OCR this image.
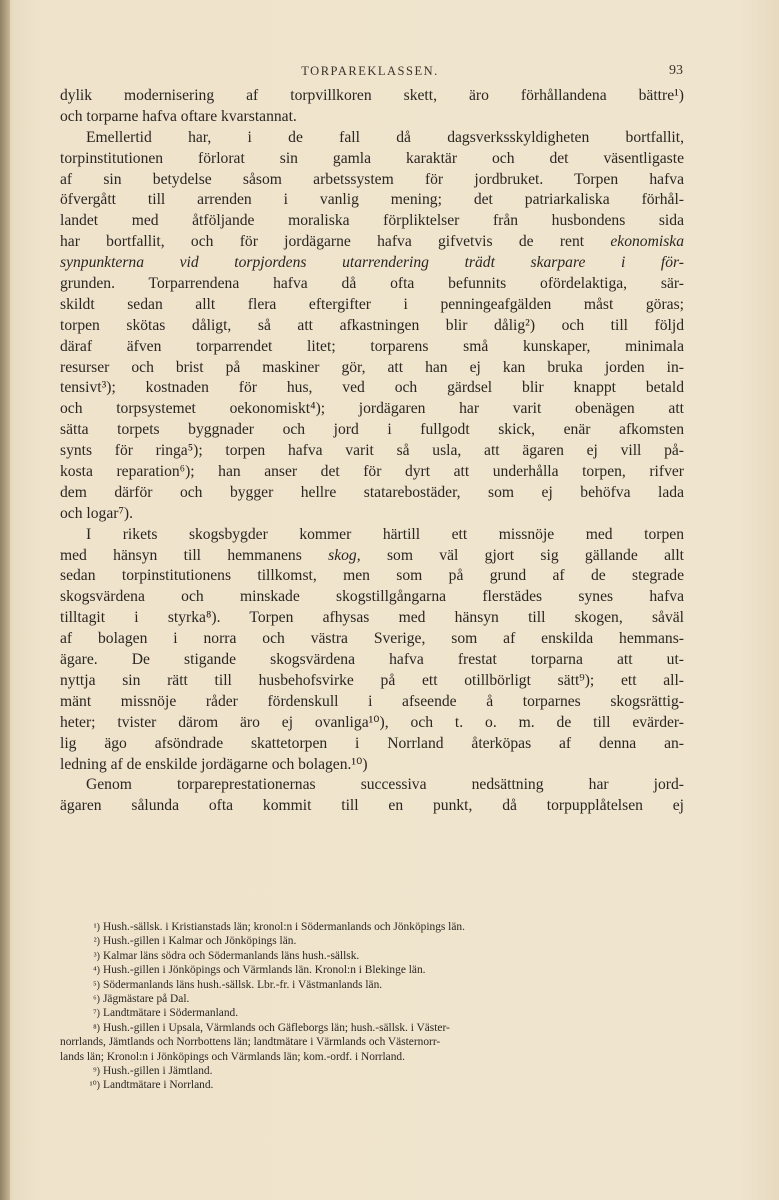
TORPAREKLASSEN.	93
dylik modernisering af torpvillkoren skett, äro förhållandena bättre¹)
och torparne hafva oftare kvarstannat.
Emellertid har, i de fall då dagsverksskyldigheten bortfallit,
torpinstitutionen förlorat sin gamla karaktär och det väsentligaste
af sin betydelse såsom arbetssystem för jordbruket. Torpen hafva
öfvergått till arrenden i vanlig mening; det patriarkaliska förhål-
landet med åtföljande moraliska förpliktelser från husbondens sida
har bortfallit, och för jordägarne hafva gifvetvis de rent ekonomiska
synpunkterna vid torpjordens utarrendering trädt skarpare i för-
grunden. Torparrendena hafva då ofta befunnits ofördelaktiga, sär-
skildt sedan allt flera eftergifter i penningeafgälden måst göras;
torpen skötas dåligt, så att afkastningen blir dålig²) och till följd
däraf äfven torparrendet litet; torparens små kunskaper, minimala
resurser och brist på maskiner gör, att han ej kan bruka jorden in-
tensivt³); kostnaden för hus, ved och gärdsel blir knappt betald
och torpsystemet oekonomiskt⁴); jordägaren har varit obenägen att
sätta torpets byggnader och jord i fullgodt skick, enär afkomsten
synts för ringa⁵); torpen hafva varit så usla, att ägaren ej vill på-
kosta reparation⁶); han anser det för dyrt att underhålla torpen, rifver
dem därför och bygger hellre statarebostäder, som ej behöfva lada
och logar⁷).
I rikets skogsbygder kommer härtill ett missnöje med torpen
med hänsyn till hemmanens skog, som väl gjort sig gällande allt
sedan torpinstitutionens tillkomst, men som på grund af de stegrade
skogsvärdena och minskade skogstillgångarna flerstädes synes hafva
tilltagit i styrka⁸). Torpen afhysas med hänsyn till skogen, såväl
af bolagen i norra och västra Sverige, som af enskilda hemmans-
ägare. De stigande skogsvärdena hafva frestat torparna att ut-
nyttja sin rätt till husbehofsvirke på ett otillbörligt sätt⁹); ett all-
mänt missnöje råder fördenskull i afseende å torparnes skogsrättig-
heter; tvister därom äro ej ovanliga¹⁰), och t. o. m. de till evärder-
lig ägo afsöndrade skattetorpen i Norrland återköpas af denna an-
ledning af de enskilde jordägarne och bolagen.¹⁰)
Genom torpareprestationernas successiva nedsättning har jord-
ägaren sålunda ofta kommit till en punkt, då torpupplåtelsen ej
¹) Hush.-sällsk. i Kristianstads län; kronol:n i Södermanlands och Jönköpings län.
²) Hush.-gillen i Kalmar och Jönköpings län.
³) Kalmar läns södra och Södermanlands läns hush.-sällsk.
⁴) Hush.-gillen i Jönköpings och Värmlands län. Kronol:n i Blekinge län.
⁵) Södermanlands läns hush.-sällsk. Lbr.-fr. i Västmanlands län.
⁶) Jägmästare på Dal.
⁷) Landtmätare i Södermanland.
⁸) Hush.-gillen i Upsala, Värmlands och Gäfleborgs län; hush.-sällsk. i Väster-
norrlands, Jämtlands och Norrbottens län; landtmätare i Värmlands och Västernorr-
lands län; Kronol:n i Jönköpings och Värmlands län; kom.-ordf. i Norrland.
⁹) Hush.-gillen i Jämtland.
¹⁰) Landtmätare i Norrland.
